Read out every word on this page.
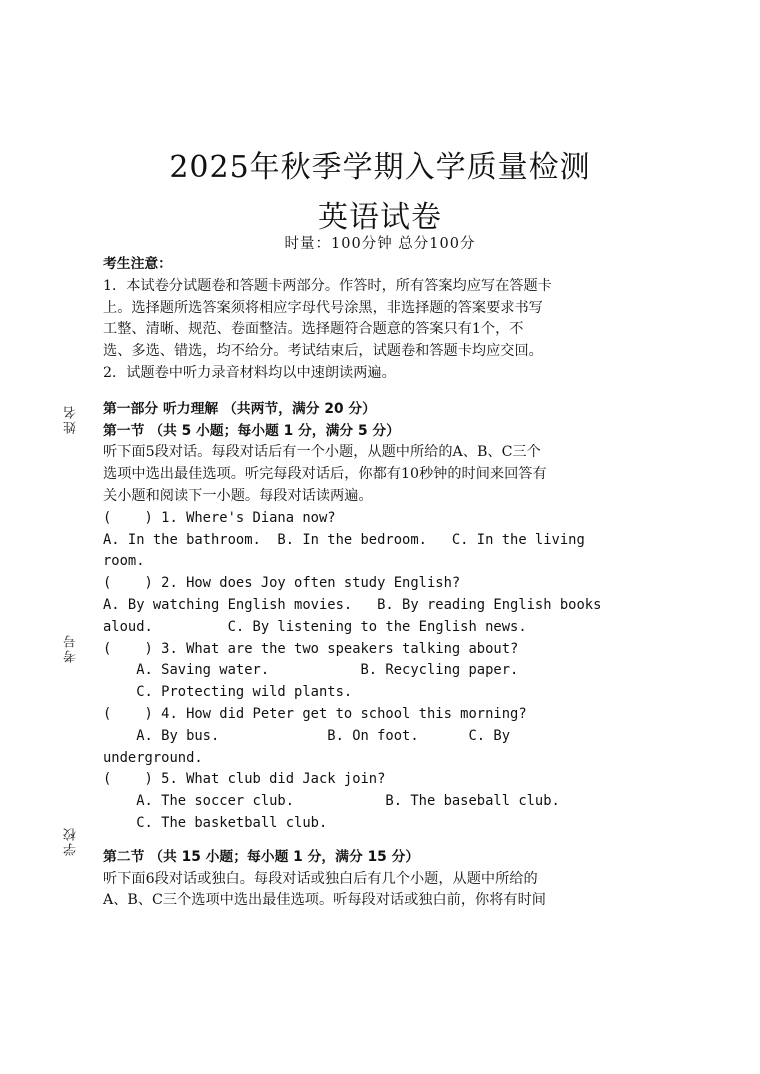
2025年秋季学期入学质量检测
英语试卷
时量：100分钟 总分100分
姓名
考号
学校
考生注意：
1．本试卷分试题卷和答题卡两部分。作答时，所有答案均应写在答题卡
上。选择题所选答案须将相应字母代号涂黑，非选择题的答案要求书写
工整、清晰、规范、卷面整洁。选择题符合题意的答案只有1个，不
选、多选、错选，均不给分。考试结束后，试题卷和答题卡均应交回。
2．试题卷中听力录音材料均以中速朗读两遍。
第一部分 听力理解 （共两节，满分 20 分）
第一节 （共 5 小题；每小题 1 分，满分 5 分）
听下面5段对话。每段对话后有一个小题，从题中所给的A、B、C三个
选项中选出最佳选项。听完每段对话后，你都有10秒钟的时间来回答有
关小题和阅读下一小题。每段对话读两遍。
(    ) 1. Where's Diana now?
A. In the bathroom.  B. In the bedroom.   C. In the living
room.
(    ) 2. How does Joy often study English?
A. By watching English movies.   B. By reading English books
aloud.         C. By listening to the English news.
(    ) 3. What are the two speakers talking about?
A. Saving water.           B. Recycling paper.
C. Protecting wild plants.
(    ) 4. How did Peter get to school this morning?
A. By bus.             B. On foot.      C. By
underground.
(    ) 5. What club did Jack join?
A. The soccer club.           B. The baseball club.
C. The basketball club.
第二节 （共 15 小题；每小题 1 分，满分 15 分）
听下面6段对话或独白。每段对话或独白后有几个小题，从题中所给的
A、B、C三个选项中选出最佳选项。听每段对话或独白前，你将有时间
